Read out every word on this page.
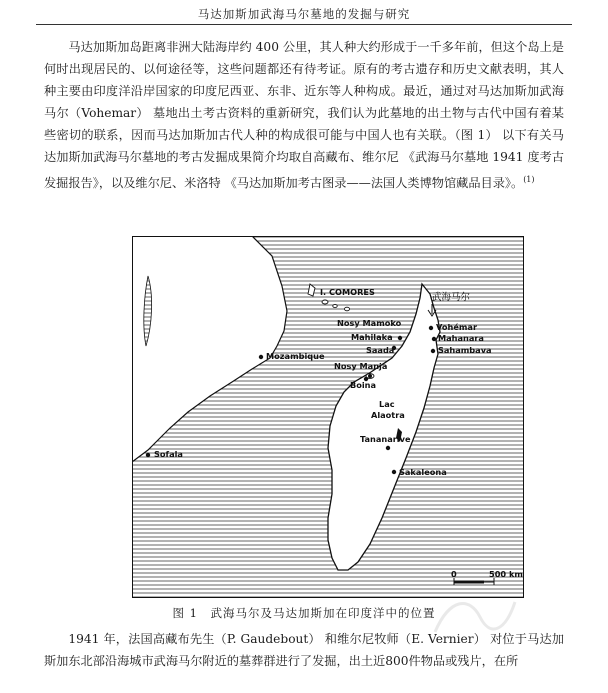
马达加斯加武海马尔墓地的发掘与研究

马达加斯加岛距离非洲大陆海岸约 400 公里，其人种大约形成于一千多年前，但这个岛上是何时出现居民的、以何途径等，这些问题都还有待考证。原有的考古遗存和历史文献表明，其人种主要由印度洋沿岸国家的印度尼西亚、东非、近东等人种构成。最近，通过对马达加斯加武海马尔（Vohemar） 墓地出土考古资料的重新研究，我们认为此墓地的出土物与古代中国有着某些密切的联系，因而马达加斯加古代人种的构成很可能与中国人也有关联。（图 1） 以下有关马达加斯加武海马尔墓地的考古发掘成果简介均取自高藏布、维尔尼 《武海马尔墓地 1941 度考古发掘报告》，以及维尔尼、米洛特 《马达加斯加考古图录——法国人类博物馆藏品目录》。$^{(1)}$

I. COMORES	武海马尔
Vohémar
Mahanara
Sahambava
Nosy Mamoko
Mahilaka
Saada
Nosy Manja
Mozambique
Boina
Lac
Alaotra
Tananarive
Sofala
Sakaleona
0	500 km
图 1　武海马尔及马达加斯加在印度洋中的位置

1941 年，法国高藏布先生（P. Gaudebout） 和维尔尼牧师（E. Vernier） 对位于马达加斯加东北部沿海城市武海马尔附近的墓葬群进行了发掘，出土近800件物品或残片，在所
